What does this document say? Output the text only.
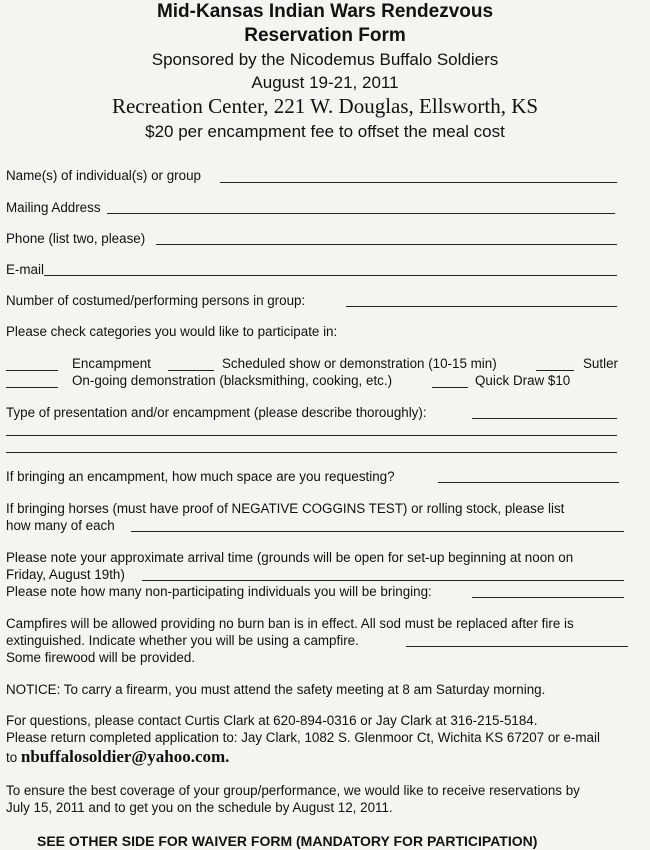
Mid-Kansas Indian Wars Rendezvous
Reservation Form
Sponsored by the Nicodemus Buffalo Soldiers
August 19-21, 2011
Recreation Center, 221 W. Douglas, Ellsworth, KS
$20 per encampment fee to offset the meal cost
Name(s) of individual(s) or group
Mailing Address
Phone (list two, please)
E-mail
Number of costumed/performing persons in group:
Please check categories you would like to participate in:
Encampment	Scheduled show or demonstration (10-15 min)	Sutler
On-going demonstration (blacksmithing, cooking, etc.)	Quick Draw $10
Type of presentation and/or encampment (please describe thoroughly):
If bringing an encampment, how much space are you requesting?
If bringing horses (must have proof of NEGATIVE COGGINS TEST) or rolling stock, please list
how many of each
Please note your approximate arrival time (grounds will be open for set-up beginning at noon on
Friday, August 19th)
Please note how many non-participating individuals you will be bringing:
Campfires will be allowed providing no burn ban is in effect. All sod must be replaced after fire is
extinguished. Indicate whether you will be using a campfire.
Some firewood will be provided.
NOTICE: To carry a firearm, you must attend the safety meeting at 8 am Saturday morning.
For questions, please contact Curtis Clark at 620-894-0316 or Jay Clark at 316-215-5184.
Please return completed application to: Jay Clark, 1082 S. Glenmoor Ct, Wichita KS 67207 or e-mail
to nbuffalosoldier@yahoo.com.
To ensure the best coverage of your group/performance, we would like to receive reservations by
July 15, 2011 and to get you on the schedule by August 12, 2011.
SEE OTHER SIDE FOR WAIVER FORM (MANDATORY FOR PARTICIPATION)
